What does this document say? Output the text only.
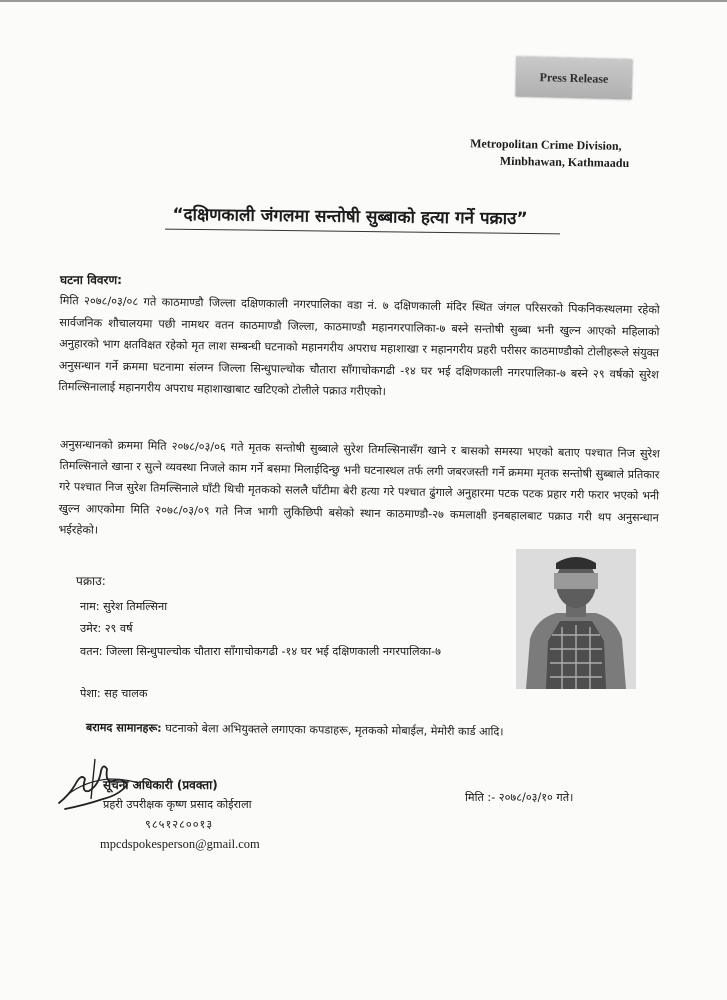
Press Release
Metropolitan Crime Division,
Minbhawan, Kathmaadu
“दक्षिणकाली जंगलमा सन्तोषी सुब्बाको हत्या गर्ने पक्राउ”
घटना विवरण:
मिति २०७८/०३/०८ गते काठमाण्डौ जिल्ला दक्षिणकाली नगरपालिका वडा नं. ७ दक्षिणकाली मंदिर स्थित जंगल परिसरको पिकनिकस्थलमा रहेको सार्वजनिक शौचालयमा पछी नामथर वतन काठमाण्डौ जिल्ला, काठमाण्डौ महानगरपालिका-७ बस्ने सन्तोषी सुब्बा भनी खुल्न आएको महिलाको अनुहारको भाग क्षतविक्षत रहेको मृत लाश सम्बन्धी घटनाको महानगरीय अपराध महाशाखा र महानगरीय प्रहरी परीसर काठमाण्डौको टोलीहरूले संयुक्त अनुसन्धान गर्ने क्रममा घटनामा संलग्न जिल्ला सिन्धुपाल्चोक चौतारा साँगाचोकगढी -१४ घर भई दक्षिणकाली नगरपालिका-७ बस्ने २९ वर्षको सुरेश तिमल्सिनालाई महानगरीय अपराध महाशाखाबाट खटिएको टोलीले पक्राउ गरीएको।
अनुसन्धानको क्रममा मिति २०७८/०३/०६ गते मृतक सन्तोषी सुब्बाले सुरेश तिमल्सिनासँग खाने र बासको समस्या भएको बताए पश्चात निज सुरेश तिमल्सिनाले खाना र सुत्ने व्यवस्था निजले काम गर्ने बसमा मिलाईदिन्छु भनी घटनास्थल तर्फ लगी जबरजस्ती गर्ने क्रममा मृतक सन्तोषी सुब्बाले प्रतिकार गरे पश्चात निज सुरेश तिमल्सिनाले घाँटी थिची मृतकको सललै घाँटीमा बेरी हत्या गरे पश्चात ढुंगाले अनुहारमा पटक पटक प्रहार गरी फरार भएको भनी खुल्न आएकोमा मिति २०७८/०३/०९ गते निज भागी लुकिछिपी बसेको स्थान काठमाण्डौ-२७ कमलाक्षी इनबहालबाट पक्राउ गरी थप अनुसन्धान भईरहेको।
पक्राउ:
नाम: सुरेश तिमल्सिना
उमेर: २९ वर्ष
वतन: जिल्ला सिन्धुपाल्चोक चौतारा साँगाचोकगढी -१४ घर भई दक्षिणकाली नगरपालिका-७
पेशा: सह चालक
बरामद सामानहरू: घटनाको बेला अभियुक्तले लगाएका कपडाहरू, मृतकको मोबाईल, मेमोरी कार्ड आदि।
सूचना अधिकारी (प्रवक्ता)
प्रहरी उपरीक्षक कृष्ण प्रसाद कोईराला
९८५१२८००१३
mpcdspokesperson@gmail.com
मिति :- २०७८/०३/१० गते।
